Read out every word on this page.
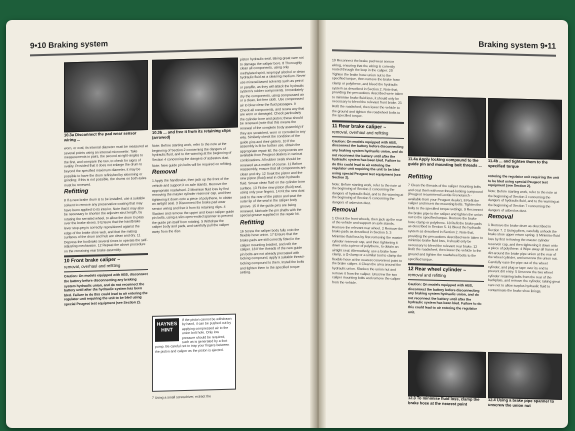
9•10 Braking system
10.3a Disconnect the pad wear sensor wiring ...
10.3b ... and free it from its retaining clips (arrowed)

worn, or oval, its internal diameter must be measured at several points using an internal micrometer. Take measurements in pairs, the second at right-angles to the first, and compare the two, to check for signs of ovality. Provided that it does not enlarge the drum to beyond the specified maximum diameter, it may be possible to have the drum refinished by skimming or grinding; if this is not possible, the drums on both axles must be renewed.

Refitting

8 If a new brake drum is to be installed, use a suitable solvent to remove any preservative coating that may have been applied to its interior. Note that it may also be necessary to shorten the adjuster strut length, by rotating the serrated wheel, to allow the drum to pass over the brake shoes. 9 Ensure that the handbrake lever stop-peg is correctly repositioned against the edge of the brake shoe web, and that the mating surfaces of the drum and hub are clean and dry. 11 Depress the footbrake several times to operate the self-adjusting mechanism. 12 Repeat the above procedure on the remaining rear brake assembly.

10 Front brake caliper –
removal, overhaul and refitting

Caution: On models equipped with ABS, disconnect the battery before disconnecting any braking system hydraulic union, and do not reconnect the battery until after the hydraulic system has been bled. Failure to do this could lead to air entering the regulator unit requiring the unit to be bled using special Peugeot test equipment (see Section 2).

Note: Before starting work, refer to the note at the beginning of Section 2 concerning the dangers of hydraulic fluid, and to the warning at the beginning of Section 4 concerning the dangers of asbestos dust.

Note: New guide pin bolts will be required on refitting.

Removal

1 Apply the handbrake, then jack up the front of the vehicle and support it on axle stands. Remove the appropriate roadwheel. 2 Minimise fluid loss by first removing the master cylinder reservoir cap, and then tightening it down onto a piece of polythene, to obtain an airtight seal. 3 Disconnect the brake pad wear sensor wiring and free it from its retaining clips. 4 Slacken and remove the upper and lower caliper guide pin bolts, using a slim open-ended spanner to prevent the guide pin itself from rotating. 5 Withdraw the caliper body and pads, and carefully pull the caliper away from the disc.

HAYNES HINT
If the piston cannot be withdrawn by hand, it can be pushed out by applying compressed air to the union bolt hole. Only low pressure should be required, such as is generated by a foot pump. Be careful not to trap your fingers between the piston and caliper as the piston is ejected.

7 Using a small screwdriver, extract the

piston hydraulic seal, taking great care not to damage the caliper bore. 8 Thoroughly clean all components, using only methylated spirit, isopropyl alcohol or clean hydraulic fluid as a cleaning medium. Never use mineral-based solvents such as petrol or paraffin, as they will attack the hydraulic system's rubber components. Immediately dry the components, using compressed air or a clean, lint-free cloth. Use compressed air to blow clear the fluid passages. 9 Check all components, and renew any that are worn or damaged. Check particularly the cylinder bore and piston; these should be renewed (note that this means the renewal of the complete body assembly) if they are scratched, worn or corroded in any way. Similarly check the condition of the guide pins and their gaiters. 10 If the assembly is fit for further use, obtain the appropriate repair kit; the components are available from Peugeot dealers in various combinations. All rubber seals should be renewed as a matter of course. 11 Before reassembly, ensure that all components are clean and dry. 12 Soak the piston and the new piston (fluid) seal in clean hydraulic fluid. Smear clean fluid on the cylinder bore surface. 13 Fit the new piston (fluid) seal, using only your fingers. 14 Fit the new dust seal to the rear of the piston and seat the outer lip of the seal in the caliper body groove. 15 If the guide pins are being renewed, lubricate the pin shafts with the special grease supplied in the repair kit.

Refitting

16 Screw the caliper body fully onto the flexible hose union. 17 Ensure that the brake pads are still correctly fitted in the caliper mounting bracket, and refit the caliper. 18 If the threads of the new guide pin bolts are not already precoated with locking compound, apply a suitable thread-locking compound to them. Install the bolts and tighten them to the specified torque setting.

Braking system 9•11

19 Reconnect the brake pad wear sensor wiring, ensuring that the wiring is correctly routed through the loop in the caliper. 20 Tighten the brake hose union nut to the specified torque, then remove the brake hose clamp or polythene, and bleed the hydraulic system as described in Section 2. Note that, providing the precautions described were taken to minimise brake fluid loss, it should only be necessary to bleed the relevant front brake. 21 Refit the roadwheel, then lower the vehicle to the ground and tighten the roadwheel bolts to the specified torque.

11 Rear brake caliper –
removal, overhaul and refitting

Caution: On models equipped with ABS, disconnect the battery before disconnecting any braking system hydraulic union, and do not reconnect the battery until after the hydraulic system has been bled. Failure to do this could lead to air entering the regulator unit requiring the unit to be bled using special Peugeot test equipment (see Section 2).

Note: Before starting work, refer to the note at the beginning of Section 2 concerning the dangers of hydraulic fluid, and to the warning at the beginning of Section 5 concerning the dangers of asbestos dust.

Removal

1 Chock the front wheels, then jack up the rear of the vehicle and support on axle stands. Remove the relevant rear wheel. 2 Remove the brake pads as described in Section 5. 3 Minimise fluid loss by first removing the master cylinder reservoir cap, and then tightening it down onto a piece of polythene, to obtain an airtight seal. Alternatively, use a brake hose clamp, a G-clamp or a similar tool to clamp the flexible hose at the nearest convenient point to the brake caliper. 4 Clean the area around the hydraulic union. Slacken the union nut and remove it from the caliper. Unscrew the two caliper mounting bolts and remove the caliper from the vehicle.

11.4a Apply locking compound to the guide pin and mounting bolt threads ...
Refitting

7 Clean the threads of the caliper mounting bolts and coat them with new thread-locking compound (Peugeot recommend Loctite Frenetanch - available from your Peugeot dealer). 8 Refit the caliper and insert the mounting bolts. Tighten the bolts to the specified torque settings. 9 Reconnect the brake pipe to the caliper and tighten the union nut to the specified torque. Remove the brake hose clamp or polythene. 10 Refit the brake pads as described in Section 5. 11 Bleed the hydraulic system as described in Section 2. Note that, providing the precautions described were taken to minimise brake fluid loss, it should only be necessary to bleed the relevant rear brake. 12 Refit the roadwheel, then lower the vehicle to the ground and tighten the roadwheel bolts to the specified torque.

12 Rear wheel cylinder –
removal and refitting

Caution: On models equipped with ABS, disconnect the battery before disconnecting any braking system hydraulic union, and do not reconnect the battery until after the hydraulic system has been bled. Failure to do this could lead to air entering the regulator unit.

12.3 To minimise fluid loss, clamp the brake hose at the nearest point
11.4b ... and tighten them to the specified torque

entering the regulator unit requiring the unit to be bled using special Peugeot test equipment (see Section 2).

Note: Before starting work, refer to the note at the beginning of Section 2 concerning the dangers of hydraulic fluid, and to the warning at the beginning of Section 7 concerning the dangers of asbestos dust.

Removal

1 Remove the brake drum as described in Section 7. 2 Using pliers, carefully unhook the brake shoe upper return spring. 3 Minimise fluid loss by first removing the master cylinder reservoir cap, and then tightening it down onto a piece of polythene. 4 Wipe away all traces of dirt around the brake pipe union at the rear of the wheel cylinder, and unscrew the union nut. Carefully ease the pipe out of the wheel cylinder, and plug or tape over its end to prevent dirt entry. 5 Unscrew the two wheel cylinder retaining bolts from the rear of the backplate, and remove the cylinder, taking great care not to allow surplus hydraulic fluid to contaminate the brake shoe linings.

12.4 Using a brake pipe spanner to unscrew the union nut
